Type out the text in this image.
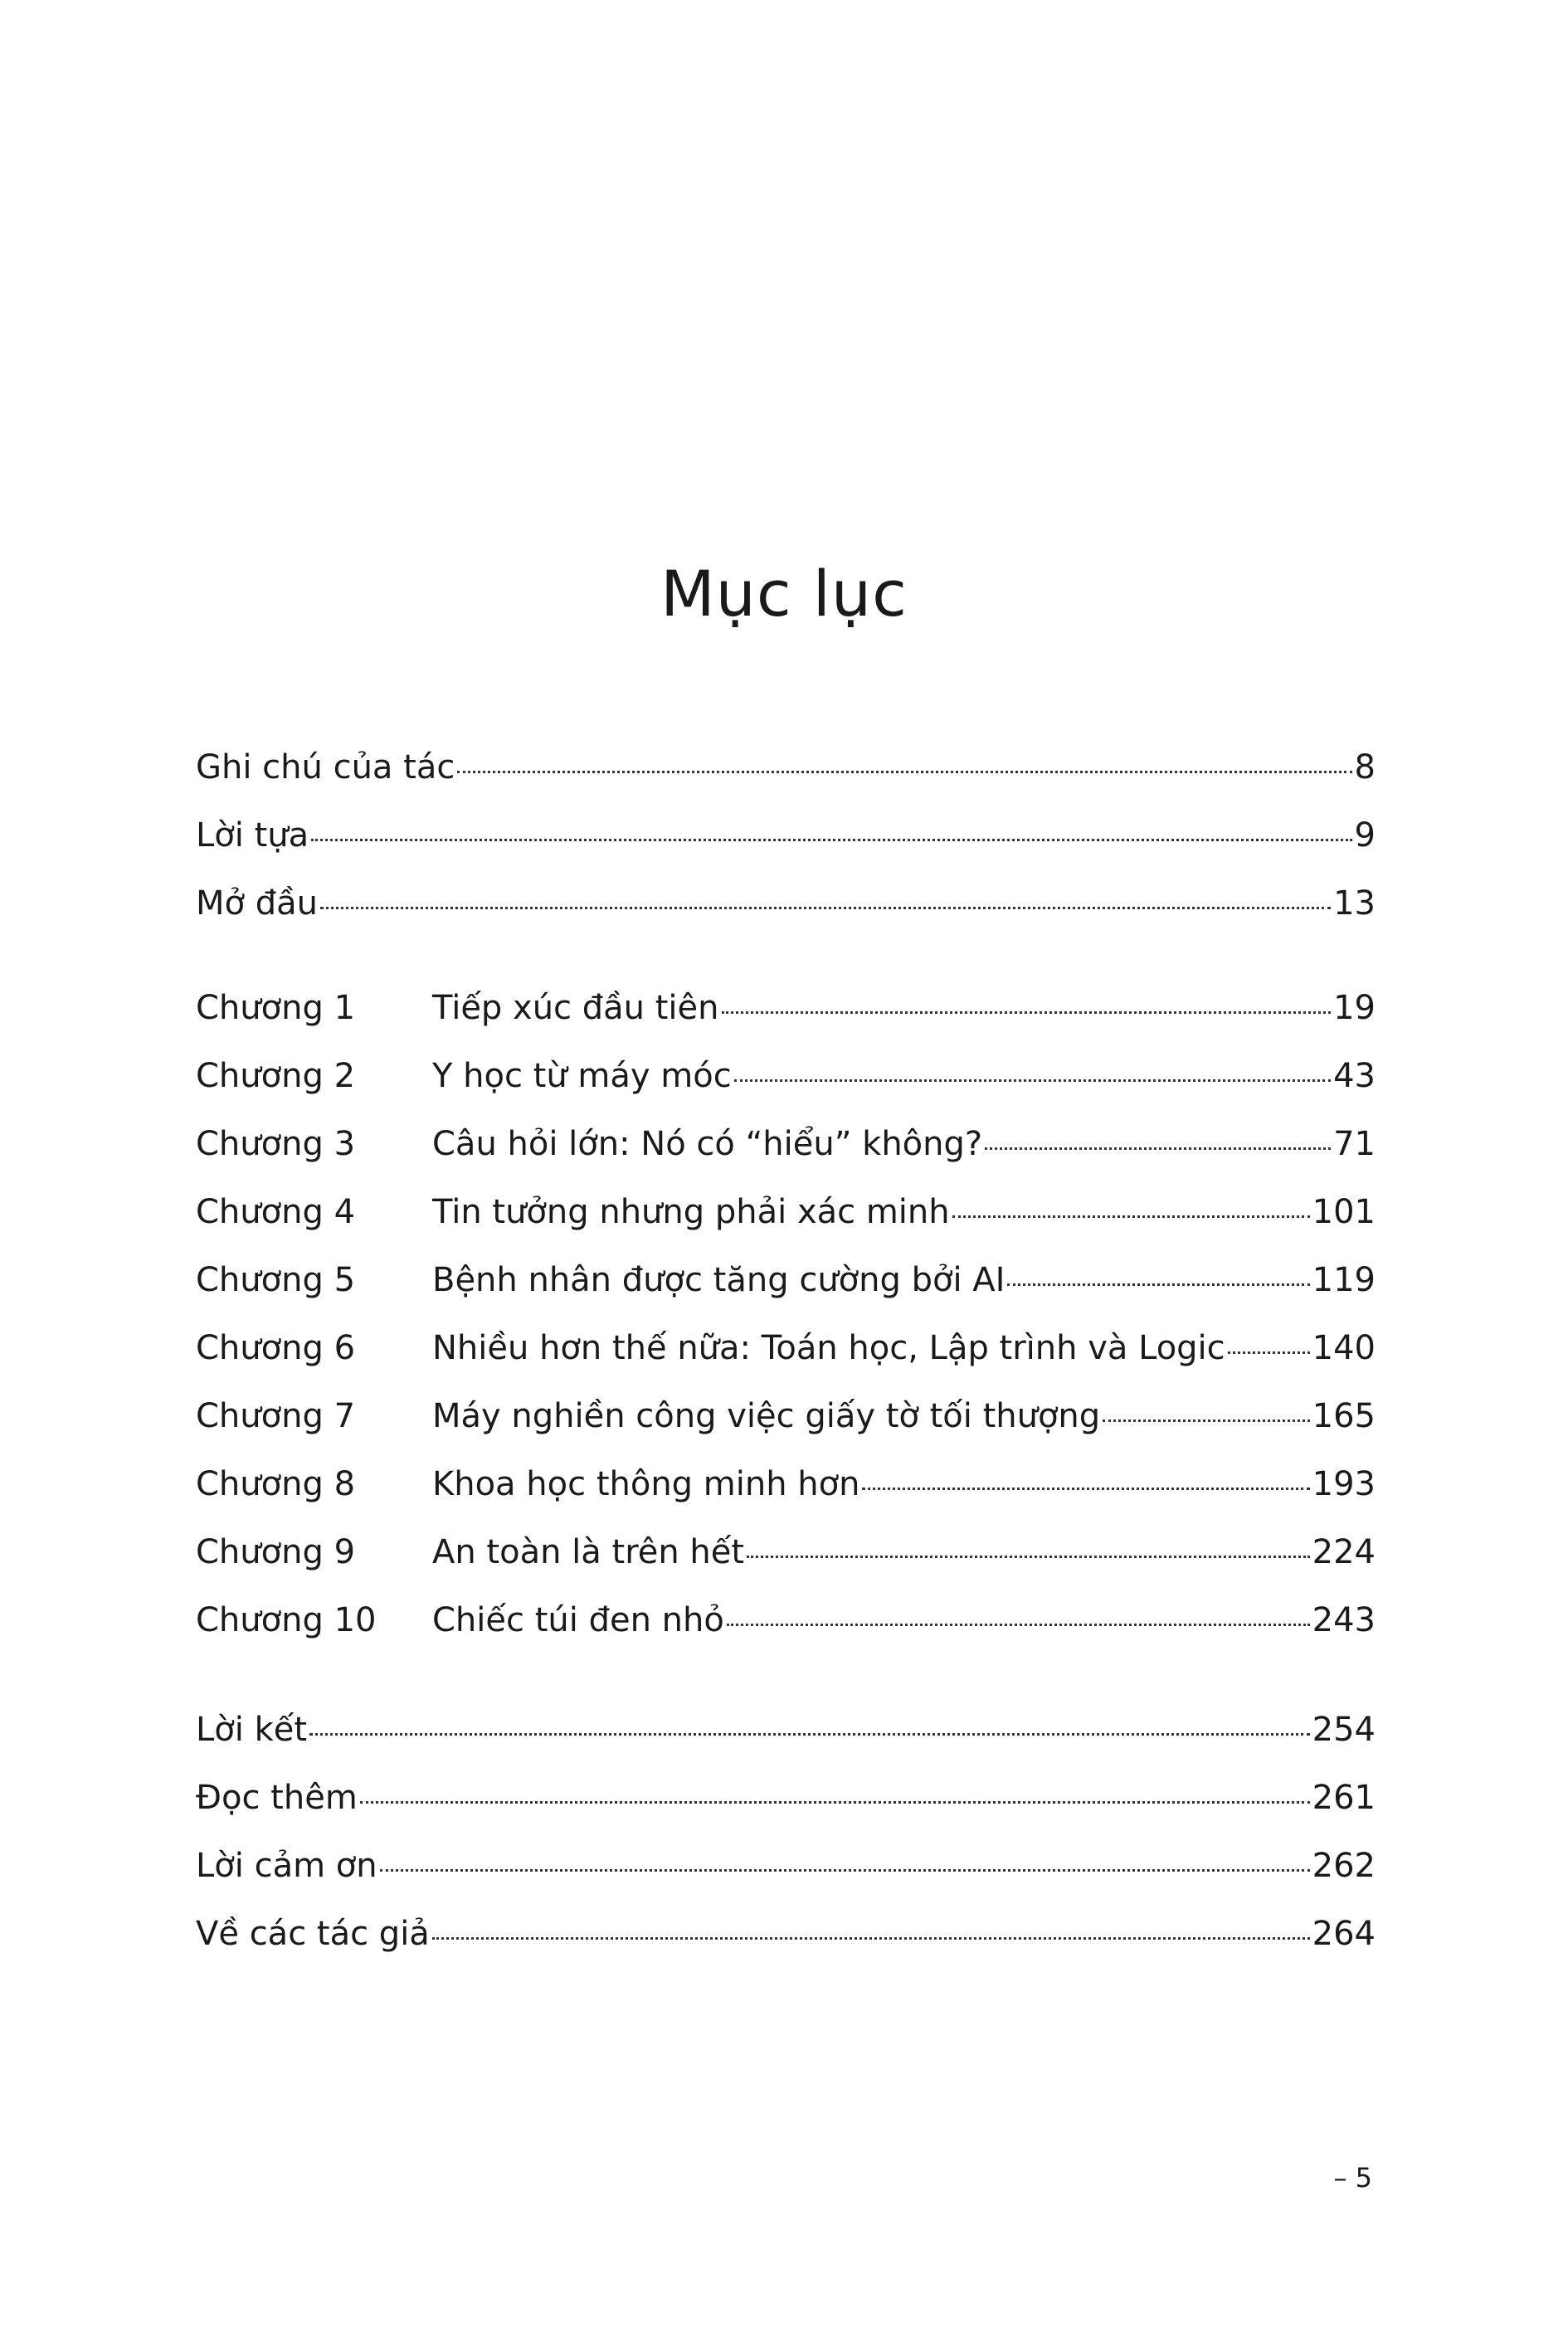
Mục lục
Ghi chú của tác	8
Lời tựa	9
Mở đầu	13
Chương 1	Tiếp xúc đầu tiên	19
Chương 2	Y học từ máy móc	43
Chương 3	Câu hỏi lớn: Nó có “hiểu” không?	71
Chương 4	Tin tưởng nhưng phải xác minh	101
Chương 5	Bệnh nhân được tăng cường bởi AI	119
Chương 6	Nhiều hơn thế nữa: Toán học, Lập trình và Logic	140
Chương 7	Máy nghiền công việc giấy tờ tối thượng	165
Chương 8	Khoa học thông minh hơn	193
Chương 9	An toàn là trên hết	224
Chương 10	Chiếc túi đen nhỏ	243
Lời kết	254
Đọc thêm	261
Lời cảm ơn	262
Về các tác giả	264
– 5
